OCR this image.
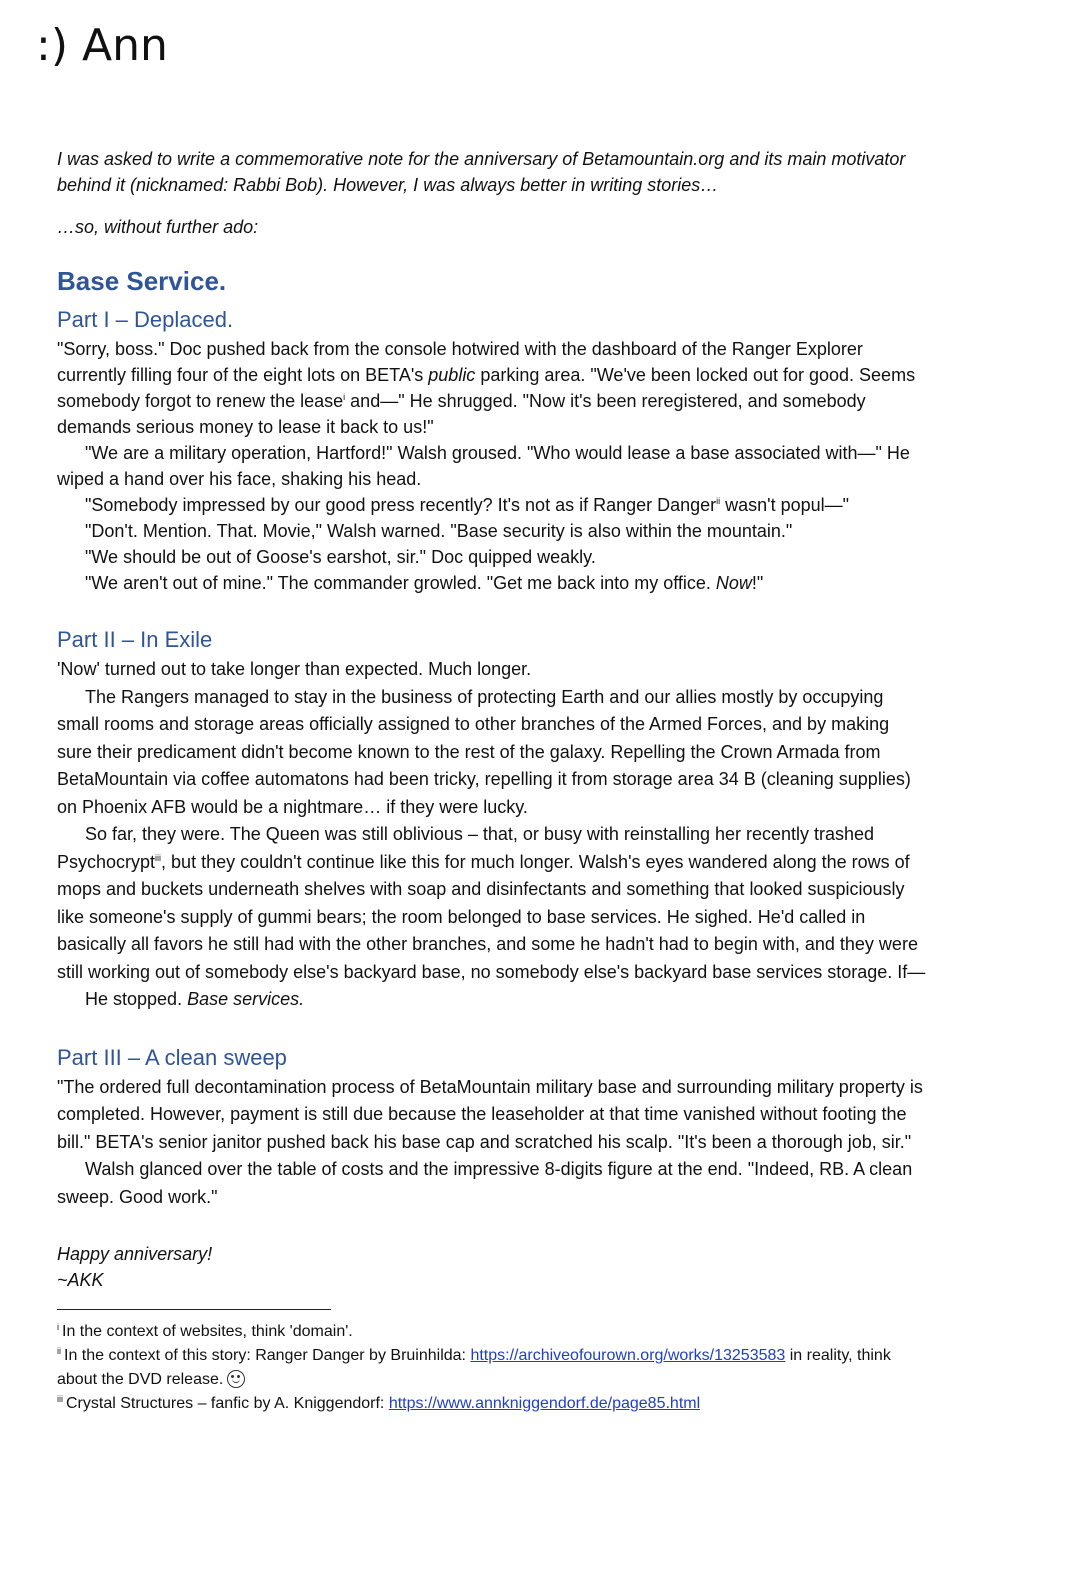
:) Ann

I was asked to write a commemorative note for the anniversary of Betamountain.org and its main motivator behind it (nicknamed: Rabbi Bob). However, I was always better in writing stories…

…so, without further ado:

Base Service.
Part I – Deplaced.

"Sorry, boss." Doc pushed back from the console hotwired with the dashboard of the Ranger Explorer currently filling four of the eight lots on BETA's public parking area. "We've been locked out for good. Seems somebody forgot to renew the lease$^i$ and—" He shrugged. "Now it's been reregistered, and somebody demands serious money to lease it back to us!"

"We are a military operation, Hartford!" Walsh groused. "Who would lease a base associated with—" He wiped a hand over his face, shaking his head.

"Somebody impressed by our good press recently? It's not as if Ranger Danger$^{ii}$ wasn't popul—"

"Don't. Mention. That. Movie," Walsh warned. "Base security is also within the mountain."

"We should be out of Goose's earshot, sir." Doc quipped weakly.

"We aren't out of mine." The commander growled. "Get me back into my office. Now!"

Part II – In Exile

'Now' turned out to take longer than expected. Much longer.

The Rangers managed to stay in the business of protecting Earth and our allies mostly by occupying small rooms and storage areas officially assigned to other branches of the Armed Forces, and by making sure their predicament didn't become known to the rest of the galaxy. Repelling the Crown Armada from BetaMountain via coffee automatons had been tricky, repelling it from storage area 34 B (cleaning supplies) on Phoenix AFB would be a nightmare… if they were lucky.

So far, they were. The Queen was still oblivious – that, or busy with reinstalling her recently trashed Psychocrypt$^{iii}$, but they couldn't continue like this for much longer. Walsh's eyes wandered along the rows of mops and buckets underneath shelves with soap and disinfectants and something that looked suspiciously like someone's supply of gummi bears; the room belonged to base services. He sighed. He'd called in basically all favors he still had with the other branches, and some he hadn't had to begin with, and they were still working out of somebody else's backyard base, no somebody else's backyard base services storage. If—

He stopped. Base services.

Part III – A clean sweep

"The ordered full decontamination process of BetaMountain military base and surrounding military property is completed. However, payment is still due because the leaseholder at that time vanished without footing the bill." BETA's senior janitor pushed back his base cap and scratched his scalp. "It's been a thorough job, sir."

Walsh glanced over the table of costs and the impressive 8-digits figure at the end. "Indeed, RB. A clean sweep. Good work."

Happy anniversary!

~AKK

$^i$ In the context of websites, think 'domain'.

$^{ii}$ In the context of this story: Ranger Danger by Bruinhilda: https://archiveofourown.org/works/13253583 in reality, think about the DVD release.

$^{iii}$ Crystal Structures – fanfic by A. Kniggendorf: https://www.annkniggendorf.de/page85.html
